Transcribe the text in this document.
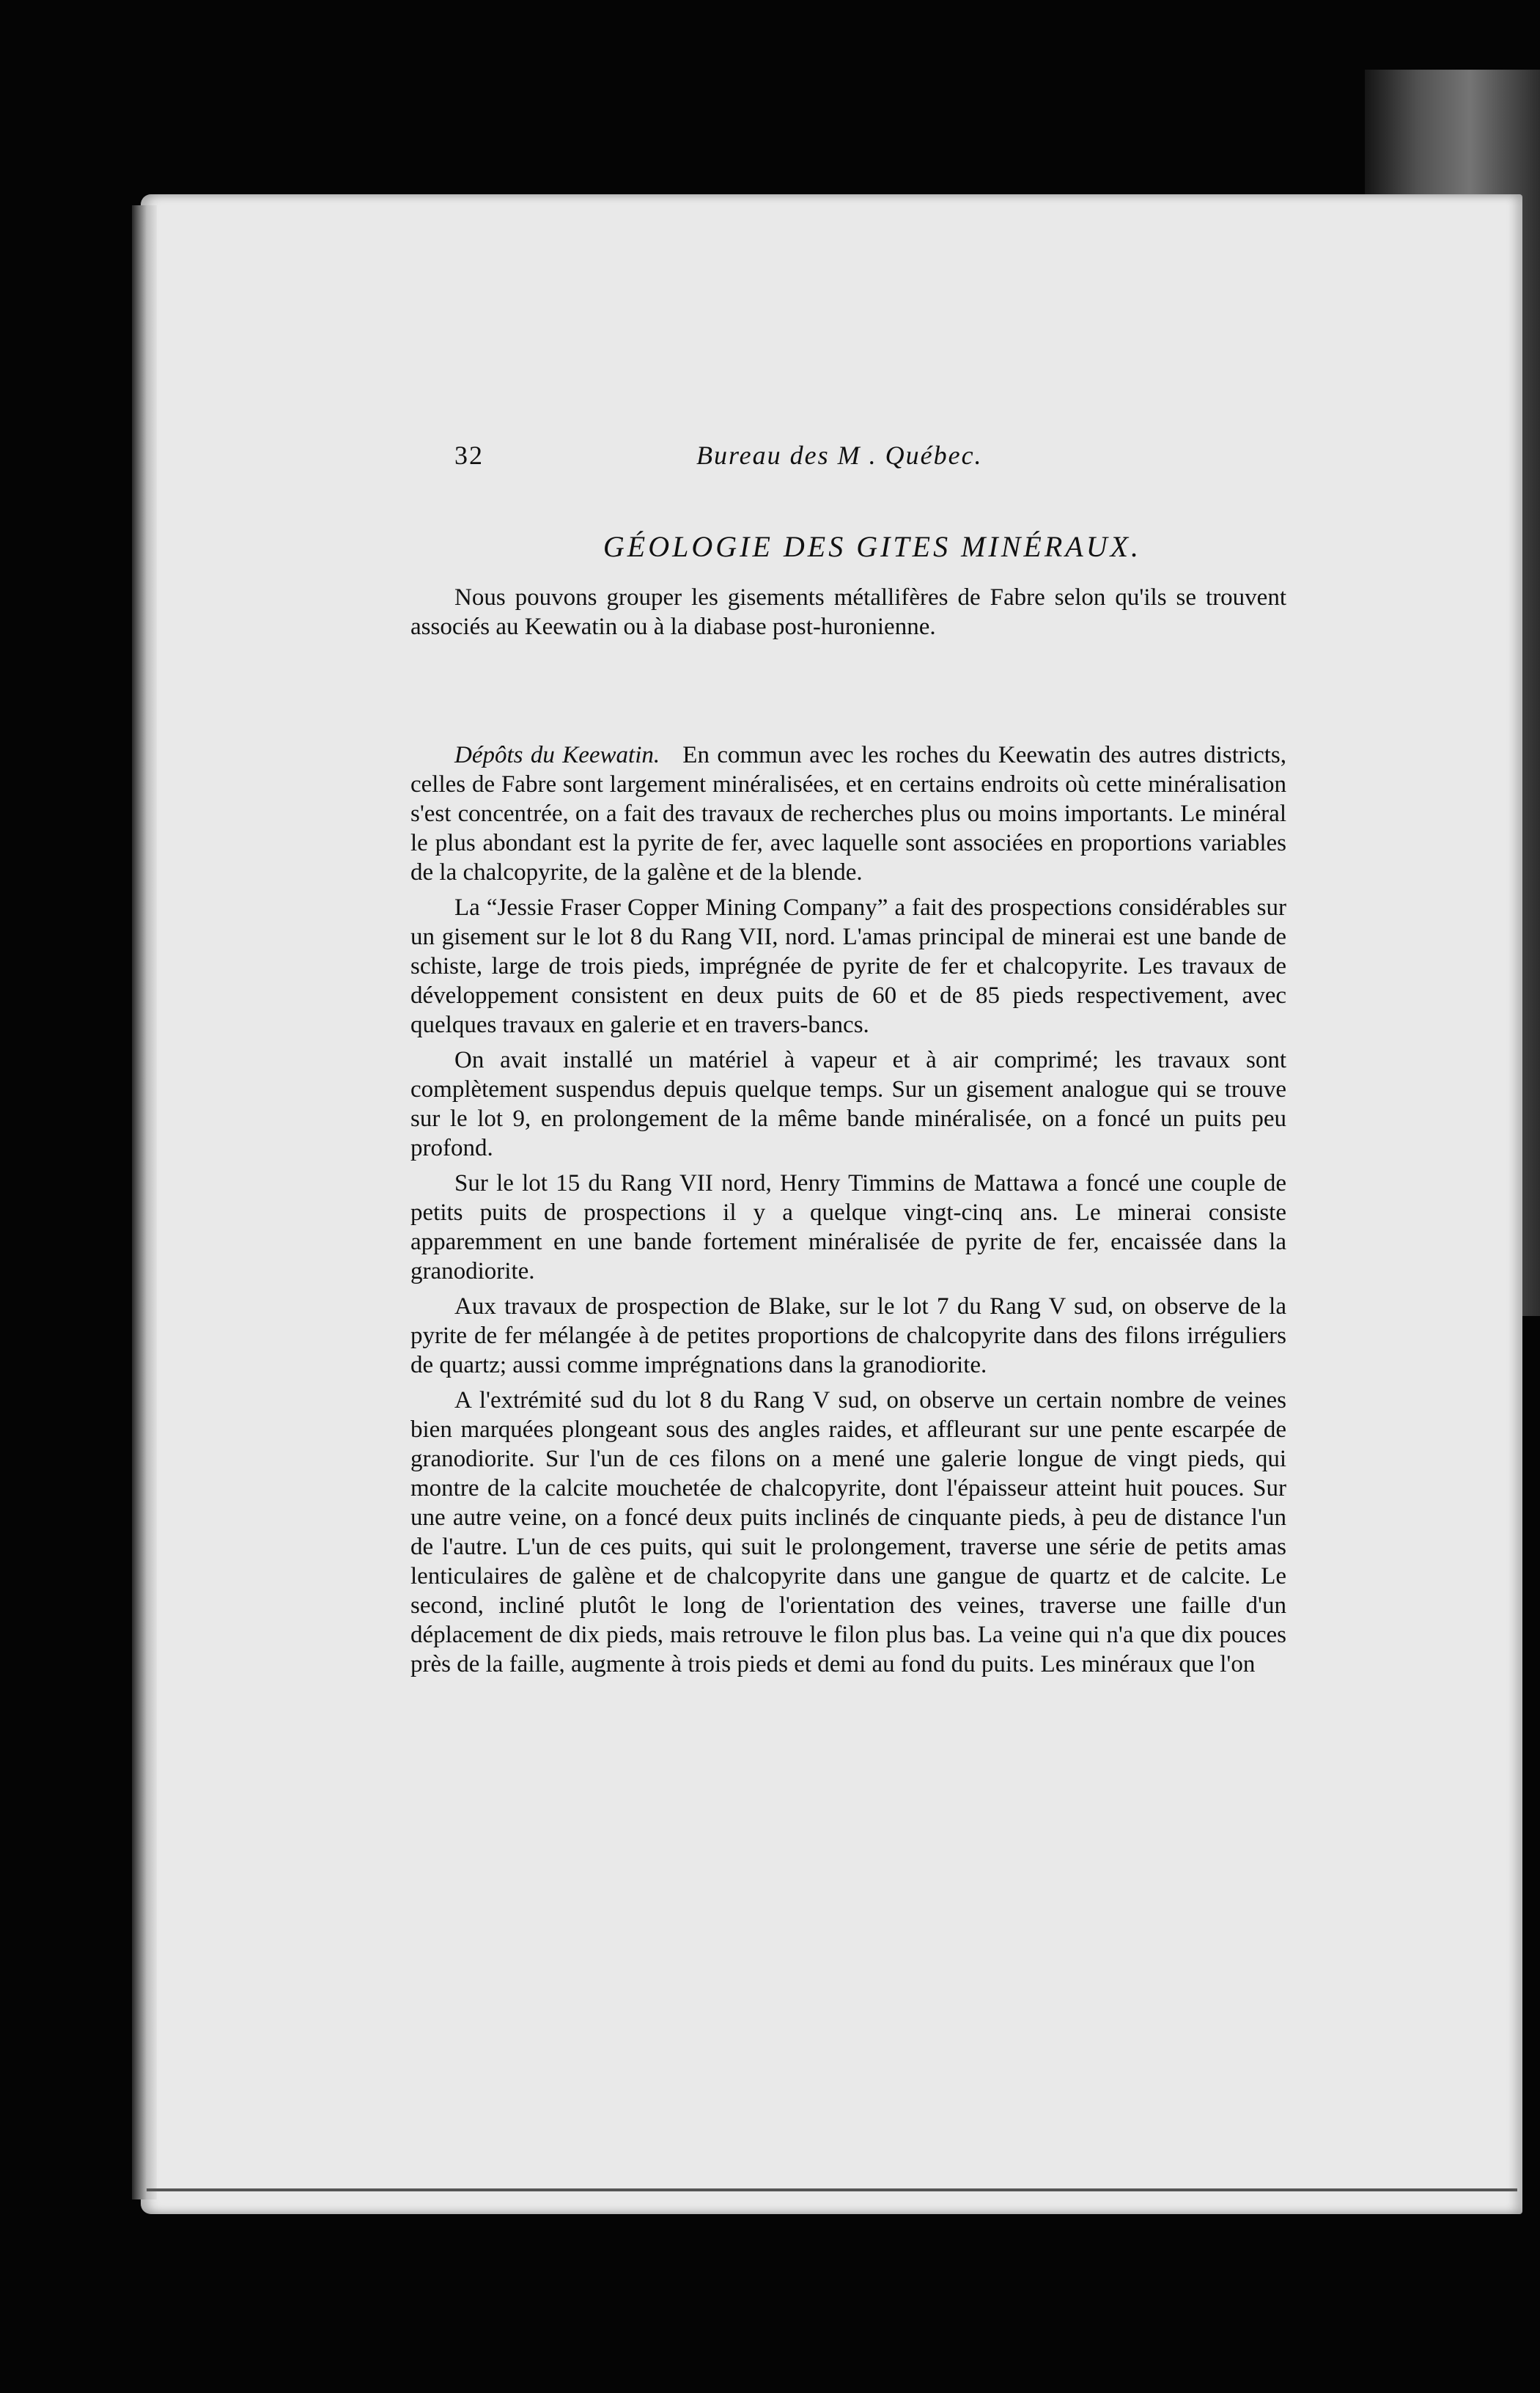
32	Bureau des M . Québec.
GÉOLOGIE DES GITES MINÉRAUX.

Nous pouvons grouper les gisements métallifères de Fabre selon qu'ils se trouvent associés au Keewatin ou à la diabase post-huronienne.

Dépôts du Keewatin. En commun avec les roches du Keewatin des autres districts, celles de Fabre sont largement minéralisées, et en certains endroits où cette minéralisation s'est concentrée, on a fait des travaux de recherches plus ou moins importants. Le minéral le plus abondant est la pyrite de fer, avec laquelle sont associées en proportions variables de la chalcopyrite, de la galène et de la blende.

La “Jessie Fraser Copper Mining Company” a fait des prospections considérables sur un gisement sur le lot 8 du Rang VII, nord. L'amas principal de minerai est une bande de schiste, large de trois pieds, imprégnée de pyrite de fer et chalcopyrite. Les travaux de développement consistent en deux puits de 60 et de 85 pieds respectivement, avec quelques travaux en galerie et en travers-bancs.

On avait installé un matériel à vapeur et à air comprimé; les travaux sont complètement suspendus depuis quelque temps. Sur un gisement analogue qui se trouve sur le lot 9, en prolongement de la même bande minéralisée, on a foncé un puits peu profond.

Sur le lot 15 du Rang VII nord, Henry Timmins de Mattawa a foncé une couple de petits puits de prospections il y a quelque vingt-cinq ans. Le minerai consiste apparemment en une bande fortement minéralisée de pyrite de fer, encaissée dans la granodiorite.

Aux travaux de prospection de Blake, sur le lot 7 du Rang V sud, on observe de la pyrite de fer mélangée à de petites proportions de chalcopyrite dans des filons irréguliers de quartz; aussi comme imprégnations dans la granodiorite.

A l'extrémité sud du lot 8 du Rang V sud, on observe un certain nombre de veines bien marquées plongeant sous des angles raides, et affleurant sur une pente escarpée de granodiorite. Sur l'un de ces filons on a mené une galerie longue de vingt pieds, qui montre de la calcite mouchetée de chalcopyrite, dont l'épaisseur atteint huit pouces. Sur une autre veine, on a foncé deux puits inclinés de cinquante pieds, à peu de distance l'un de l'autre. L'un de ces puits, qui suit le prolongement, traverse une série de petits amas lenticulaires de galène et de chalcopyrite dans une gangue de quartz et de calcite. Le second, incliné plutôt le long de l'orientation des veines, traverse une faille d'un déplacement de dix pieds, mais retrouve le filon plus bas. La veine qui n'a que dix pouces près de la faille, augmente à trois pieds et demi au fond du puits. Les minéraux que l'on
